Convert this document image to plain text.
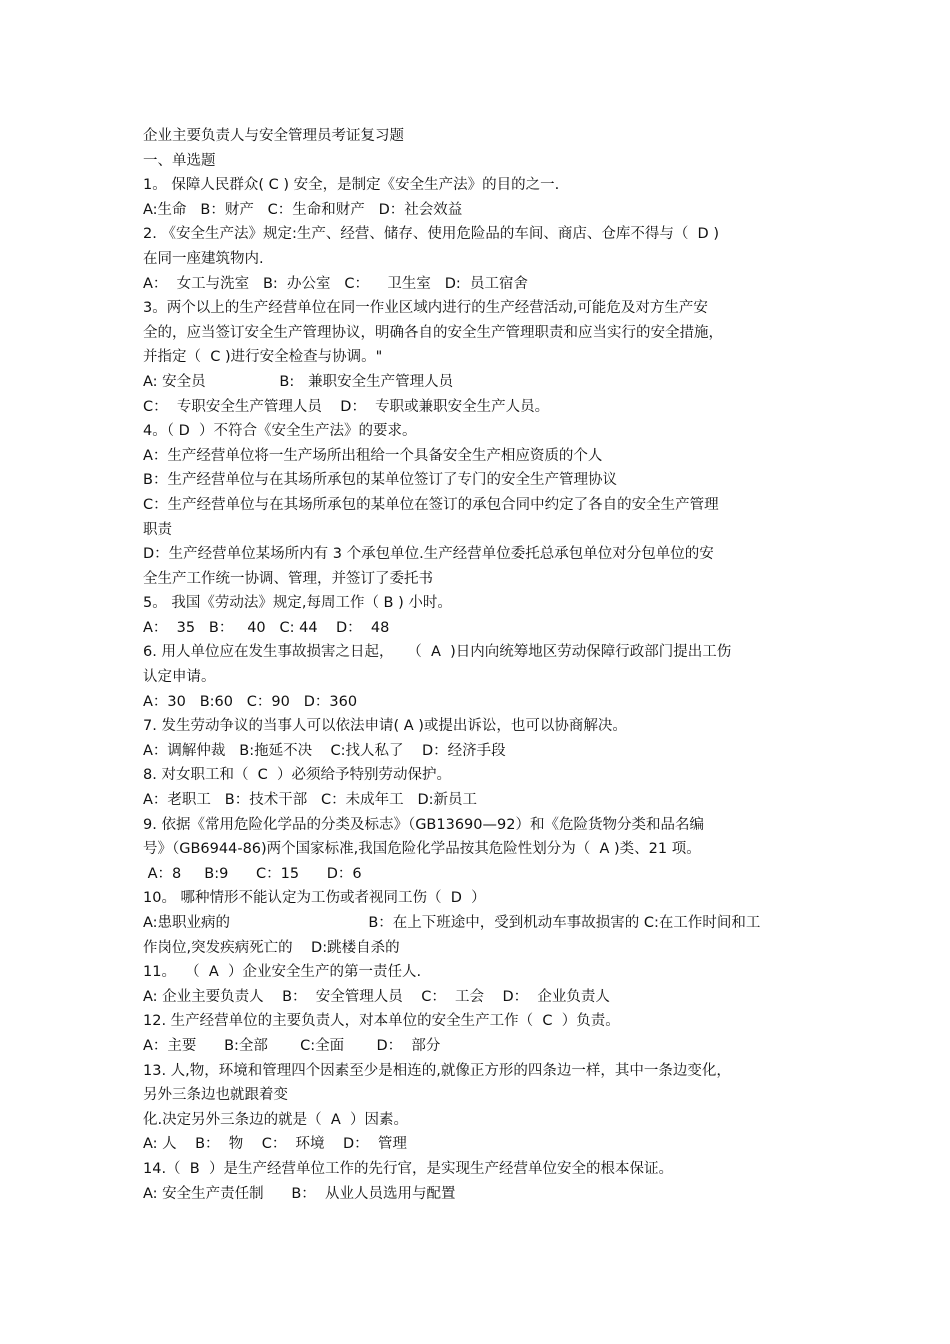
企业主要负责人与安全管理员考证复习题
一、单选题
1。 保障人民群众( C ) 安全，是制定《安全生产法》的目的之一.
A:生命   B：财产   C：生命和财产   D：社会效益
2. 《安全生产法》规定:生产、经营、储存、使用危险品的车间、商店、仓库不得与（  D )
在同一座建筑物内.
A：  女工与洗室   B:  办公室   C：    卫生室   D:  员工宿舍
3。两个以上的生产经营单位在同一作业区域内进行的生产经营活动,可能危及对方生产安
全的，应当签订安全生产管理协议，明确各自的安全生产管理职责和应当实行的安全措施，
并指定（  C )进行安全检查与协调。"
A: 安全员                B:   兼职安全生产管理人员
C：  专职安全生产管理人员    D：  专职或兼职安全生产人员。
4。（ D  ）不符合《安全生产法》的要求。
A：生产经营单位将一生产场所出租给一个具备安全生产相应资质的个人
B：生产经营单位与在其场所承包的某单位签订了专门的安全生产管理协议
C：生产经营单位与在其场所承包的某单位在签订的承包合同中约定了各自的安全生产管理
职责
D：生产经营单位某场所内有 3 个承包单位.生产经营单位委托总承包单位对分包单位的安
全生产工作统一协调、管理，并签订了委托书
5。 我国《劳动法》规定,每周工作（ B ) 小时。
A：  35   B：   40   C: 44    D：  48
6. 用人单位应在发生事故损害之日起，   （  A  )日内向统筹地区劳动保障行政部门提出工伤
认定申请。
A：30   B:60   C：90   D：360
7. 发生劳动争议的当事人可以依法申请( A )或提出诉讼，也可以协商解决。
A：调解仲裁   B:拖延不决    C:找人私了    D：经济手段
8. 对女职工和（  C  ）必须给予特别劳动保护。
A：老职工   B：技术干部   C：未成年工   D:新员工
9. 依据《常用危险化学品的分类及标志》（GB13690—92）和《危险货物分类和品名编
号》（GB6944-86)两个国家标准,我国危险化学品按其危险性划分为（  A )类、21 项。
A：8     B:9      C：15      D：6
10。 哪种情形不能认定为工伤或者视同工伤（  D  ）
A:患职业病的                              B：在上下班途中，受到机动车事故损害的 C:在工作时间和工
作岗位,突发疾病死亡的    D:跳楼自杀的
11。  （  A  ）企业安全生产的第一责任人.
A: 企业主要负责人    B：  安全管理人员    C：  工会    D：  企业负责人
12. 生产经营单位的主要负责人，对本单位的安全生产工作（  C  ）负责。
A：主要      B:全部       C:全面       D：  部分
13. 人,物，环境和管理四个因素至少是相连的,就像正方形的四条边一样，其中一条边变化，
另外三条边也就跟着变
化.决定另外三条边的就是（  A  ）因素。
A: 人    B：  物    C：  环境    D：  管理
14.（  B  ）是生产经营单位工作的先行官，是实现生产经营单位安全的根本保证。
A: 安全生产责任制      B：  从业人员选用与配置
